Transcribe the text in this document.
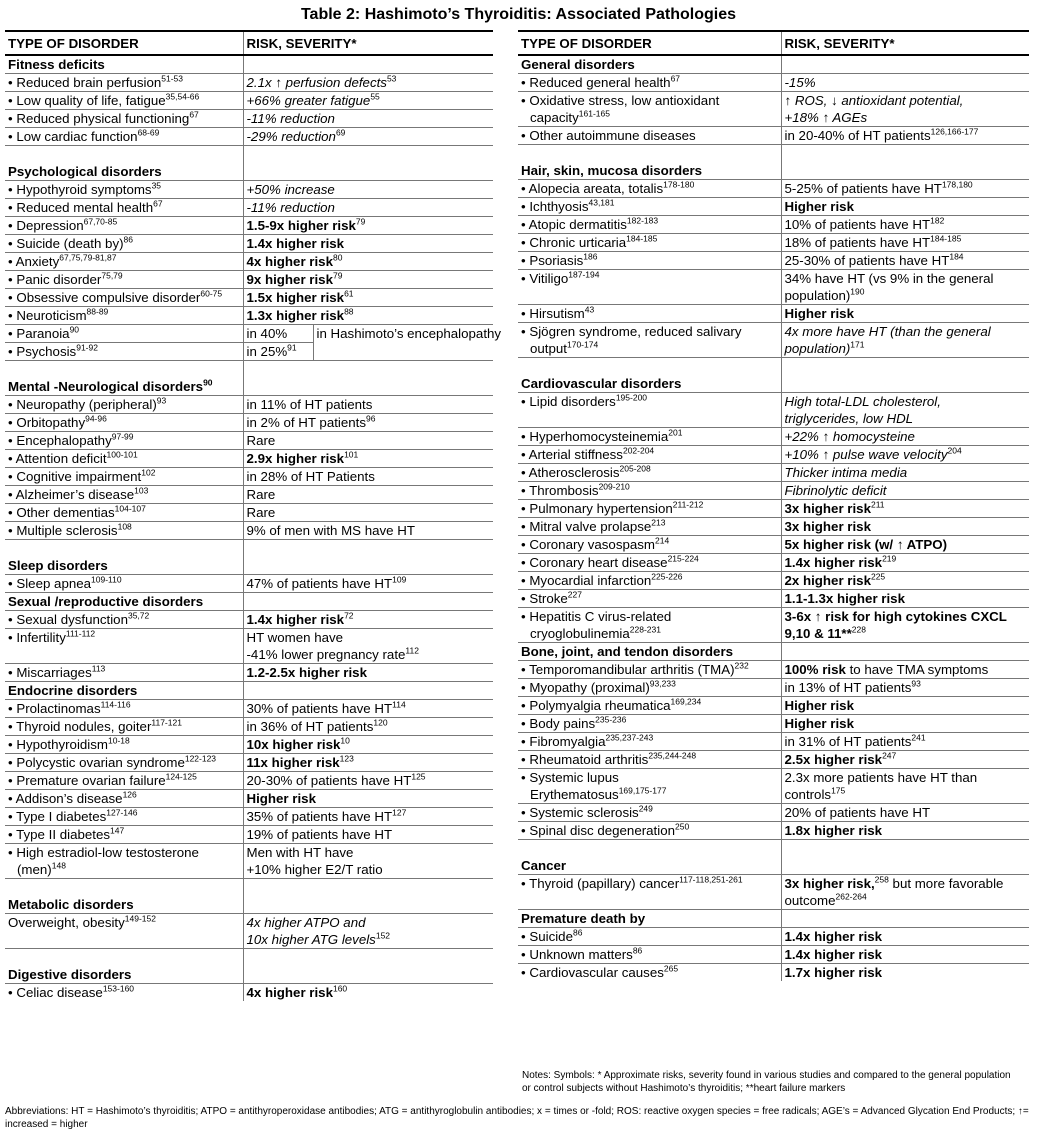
Table 2: Hashimoto’s Thyroiditis: Associated Pathologies
TYPE OF DISORDER	RISK, SEVERITY*	
Fitness deficits		
• Reduced brain perfusion$^{51-53}$	2.1x ↑ perfusion defects$^{53}$
• Low quality of life, fatigue$^{35,54-66}$	+66% greater fatigue$^{55}$
• Reduced physical functioning$^{67}$	-11% reduction	
• Low cardiac function$^{68-69}$	-29% reduction$^{69}$

Psychological disorders		
• Hypothyroid symptoms$^{35}$	+50% increase	
• Reduced mental health$^{67}$	-11% reduction	
• Depression$^{67,70-85}$	1.5-9x higher risk$^{79}$
• Suicide (death by)$^{86}$	1.4x higher risk	
• Anxiety$^{67,75,79-81,87}$	4x higher risk$^{80}$
• Panic disorder$^{75,79}$	9x higher risk$^{79}$
• Obsessive compulsive disorder$^{60-75}$	1.5x higher risk$^{61}$
• Neuroticism$^{88-89}$	1.3x higher risk$^{88}$
• Paranoia$^{90}$	in 40%	in Hashimoto’s encephalopathy
• Psychosis$^{91-92}$	in 25%$^{91}$

Mental -Neurological disorders$^{90}$	
• Neuropathy (peripheral)$^{93}$	in 11% of HT patients	
• Orbitopathy$^{94-96}$	in 2% of HT patients$^{96}$
• Encephalopathy$^{97-99}$	Rare	
• Attention deficit$^{100-101}$	2.9x higher risk$^{101}$
• Cognitive impairment$^{102}$	in 28% of HT Patients	
• Alzheimer’s disease$^{103}$	Rare	
• Other dementias$^{104-107}$	Rare	
• Multiple sclerosis$^{108}$	9% of men with MS have HT	

Sleep disorders		
• Sleep apnea$^{109-110}$	47% of patients have HT$^{109}$
Sexual /reproductive disorders		
• Sexual dysfunction$^{35,72}$	1.4x higher risk$^{72}$
• Infertility$^{111-112}$	HT women have	
	-41% lower pregnancy rate$^{112}$
• Miscarriages$^{113}$	1.2-2.5x higher risk	
Endocrine disorders		
• Prolactinomas$^{114-116}$	30% of patients have HT$^{114}$
• Thyroid nodules, goiter$^{117-121}$	in 36% of HT patients$^{120}$
• Hypothyroidism$^{10-18}$	10x higher risk$^{10}$
• Polycystic ovarian syndrome$^{122-123}$	11x higher risk$^{123}$
• Premature ovarian failure$^{124-125}$	20-30% of patients have HT$^{125}$
• Addison’s disease$^{126}$	Higher risk	
• Type I diabetes$^{127-146}$	35% of patients have HT$^{127}$
• Type II diabetes$^{147}$	19% of patients have HT	
• High estradiol-low testosterone	Men with HT have	
(men)$^{148}$	+10% higher E2/T ratio	

Metabolic disorders		
Overweight, obesity$^{149-152}$	4x higher ATPO and	
	10x higher ATG levels$^{152}$

Digestive disorders		
• Celiac disease$^{153-160}$	4x higher risk$^{160}$
TYPE OF DISORDER	RISK, SEVERITY*
General disorders	
• Reduced general health$^{67}$	-15%
• Oxidative stress, low antioxidant	↑ ROS, ↓ antioxidant potential,
capacity$^{161-165}$	+18% ↑ AGEs
• Other autoimmune diseases	in 20-40% of HT patients$^{126,166-177}$

Hair, skin, mucosa disorders	
• Alopecia areata, totalis$^{178-180}$	5-25% of patients have HT$^{178,180}$
• Ichthyosis$^{43,181}$	Higher risk
• Atopic dermatitis$^{182-183}$	10% of patients have HT$^{182}$
• Chronic urticaria$^{184-185}$	18% of patients have HT$^{184-185}$
• Psoriasis$^{186}$	25-30% of patients have HT$^{184}$
• Vitiligo$^{187-194}$	34% have HT (vs 9% in the general
	population)$^{190}$
• Hirsutism$^{43}$	Higher risk
• Sjögren syndrome, reduced salivary	4x more have HT (than the general
output$^{170-174}$	population)$^{171}$

Cardiovascular disorders	
• Lipid disorders$^{195-200}$	High total-LDL cholesterol,
	triglycerides, low HDL
• Hyperhomocysteinemia$^{201}$	+22% ↑ homocysteine
• Arterial stiffness$^{202-204}$	+10% ↑ pulse wave velocity$^{204}$
• Atherosclerosis$^{205-208}$	Thicker intima media
• Thrombosis$^{209-210}$	Fibrinolytic deficit
• Pulmonary hypertension$^{211-212}$	3x higher risk$^{211}$
• Mitral valve prolapse$^{213}$	3x higher risk
• Coronary vasospasm$^{214}$	5x higher risk (w/ ↑ ATPO)
• Coronary heart disease$^{215-224}$	1.4x higher risk$^{219}$
• Myocardial infarction$^{225-226}$	2x higher risk$^{225}$
• Stroke$^{227}$	1.1-1.3x higher risk
• Hepatitis C virus-related	3-6x ↑ risk for high cytokines CXCL
cryoglobulinemia$^{228-231}$	9,10 & 11**$^{228}$
Bone, joint, and tendon disorders	
• Temporomandibular arthritis (TMA)$^{232}$	100% risk to have TMA symptoms
• Myopathy (proximal)$^{93,233}$	in 13% of HT patients$^{93}$
• Polymyalgia rheumatica$^{169,234}$	Higher risk
• Body pains$^{235-236}$	Higher risk
• Fibromyalgia$^{235,237-243}$	in 31% of HT patients$^{241}$
• Rheumatoid arthritis$^{235,244-248}$	2.5x higher risk$^{247}$
• Systemic lupus	2.3x more patients have HT than
Erythematosus$^{169,175-177}$	controls$^{175}$
• Systemic sclerosis$^{249}$	20% of patients have HT
• Spinal disc degeneration$^{250}$	1.8x higher risk

Cancer	
• Thyroid (papillary) cancer$^{117-118,251-261}$	3x higher risk,$^{258}$ but more favorable
	outcome$^{262-264}$
Premature death by	
• Suicide$^{86}$	1.4x higher risk
• Unknown matters$^{86}$	1.4x higher risk
• Cardiovascular causes$^{265}$	1.7x higher risk
Notes: Symbols: * Approximate risks, severity found in various studies and compared to the general population or control subjects without Hashimoto’s thyroiditis; **heart failure markers
Abbreviations: HT = Hashimoto’s thyroiditis; ATPO = antithyroperoxidase antibodies; ATG = antithyroglobulin antibodies; x = times or -fold; ROS: reactive oxygen species = free radicals; AGE’s = Advanced Glycation End Products; ↑= increased = higher
